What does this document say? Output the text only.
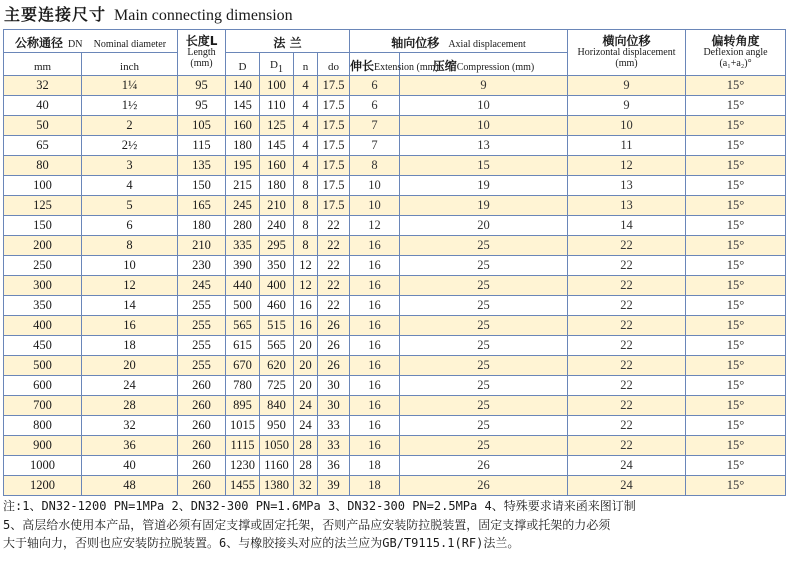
主要连接尺寸 Main connecting dimension
公称通径 DN Nominal diameter		长度L
Length
(mm)	法 兰				轴向位移 Axial displacement		横向位移
Horizontal displacement
(mm)	偏转角度
Deflexion angle
(a₁+a₂)°

mm	inch		D	$D_1$	n	do	伸长Extension (mm)	压缩Compression (mm)		
32	1¼	95	140	100	4	17.5	6	9	9	15°
40	1½	95	145	110	4	17.5	6	10	9	15°
50	2	105	160	125	4	17.5	7	10	10	15°
65	2½	115	180	145	4	17.5	7	13	11	15°
80	3	135	195	160	4	17.5	8	15	12	15°
100	4	150	215	180	8	17.5	10	19	13	15°
125	5	165	245	210	8	17.5	10	19	13	15°
150	6	180	280	240	8	22	12	20	14	15°
200	8	210	335	295	8	22	16	25	22	15°
250	10	230	390	350	12	22	16	25	22	15°
300	12	245	440	400	12	22	16	25	22	15°
350	14	255	500	460	16	22	16	25	22	15°
400	16	255	565	515	16	26	16	25	22	15°
450	18	255	615	565	20	26	16	25	22	15°
500	20	255	670	620	20	26	16	25	22	15°
600	24	260	780	725	20	30	16	25	22	15°
700	28	260	895	840	24	30	16	25	22	15°
800	32	260	1015	950	24	33	16	25	22	15°
900	36	260	1115	1050	28	33	16	25	22	15°
1000	40	260	1230	1160	28	36	18	26	24	15°
1200	48	260	1455	1380	32	39	18	26	24	15°
注:1、DN32-1200 PN=1MPa 2、DN32-300 PN=1.6MPa 3、DN32-300 PN=2.5MPa 4、特殊要求请来函来图订制
5、高层给水使用本产品，管道必须有固定支撑或固定托架，否则产品应安装防拉脱装置，固定支撑或托架的力必须
大于轴向力，否则也应安装防拉脱装置。6、与橡胶接头对应的法兰应为GB/T9115.1(RF)法兰。
